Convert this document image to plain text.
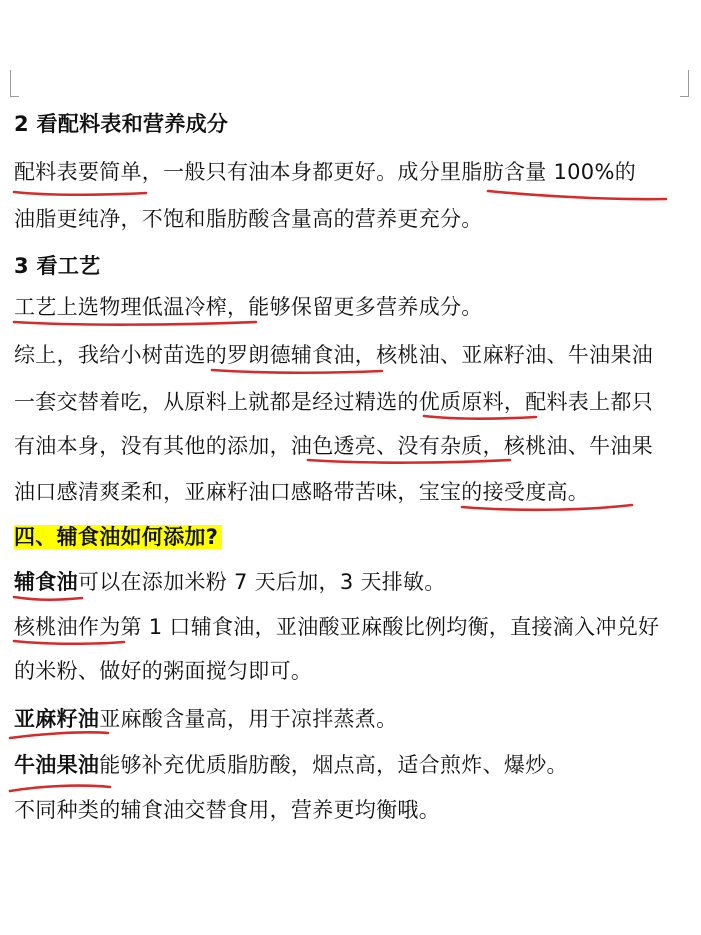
2 看配料表和营养成分
配料表要简单，一般只有油本身都更好。成分里脂肪含量 100%的
油脂更纯净，不饱和脂肪酸含量高的营养更充分。
3 看工艺
工艺上选物理低温冷榨，能够保留更多营养成分。
综上，我给小树苗选的罗朗德辅食油，核桃油、亚麻籽油、牛油果油
一套交替着吃，从原料上就都是经过精选的优质原料，配料表上都只
有油本身，没有其他的添加，油色透亮、没有杂质，核桃油、牛油果
油口感清爽柔和，亚麻籽油口感略带苦味，宝宝的接受度高。
四、辅食油如何添加?
辅食油可以在添加米粉 7 天后加，3 天排敏。
核桃油作为第 1 口辅食油，亚油酸亚麻酸比例均衡，直接滴入冲兑好
的米粉、做好的粥面搅匀即可。
亚麻籽油亚麻酸含量高，用于凉拌蒸煮。
牛油果油能够补充优质脂肪酸，烟点高，适合煎炸、爆炒。
不同种类的辅食油交替食用，营养更均衡哦。
